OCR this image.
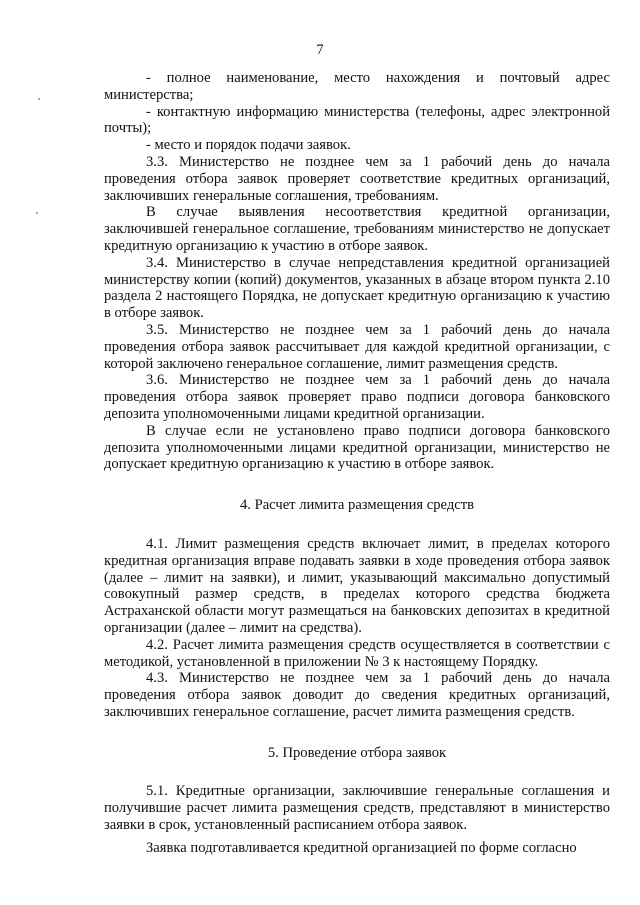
7

- полное наименование, место нахождения и почтовый адрес министерства;

- контактную информацию министерства (телефоны, адрес электронной почты);

- место и порядок подачи заявок.

3.3. Министерство не позднее чем за 1 рабочий день до начала проведения отбора заявок проверяет соответствие кредитных организаций, заключивших генеральные соглашения, требованиям.

В случае выявления несоответствия кредитной организации, заключившей генеральное соглашение, требованиям министерство не допускает кредитную организацию к участию в отборе заявок.

3.4. Министерство в случае непредставления кредитной организацией министерству копии (копий) документов, указанных в абзаце втором пункта 2.10 раздела 2 настоящего Порядка, не допускает кредитную организацию к участию в отборе заявок.

3.5. Министерство не позднее чем за 1 рабочий день до начала проведения отбора заявок рассчитывает для каждой кредитной организации, с которой заключено генеральное соглашение, лимит размещения средств.

3.6. Министерство не позднее чем за 1 рабочий день до начала проведения отбора заявок проверяет право подписи договора банковского депозита уполномоченными лицами кредитной организации.

В случае если не установлено право подписи договора банковского депозита уполномоченными лицами кредитной организации, министерство не допускает кредитную организацию к участию в отборе заявок.

4. Расчет лимита размещения средств

4.1. Лимит размещения средств включает лимит, в пределах которого кредитная организация вправе подавать заявки в ходе проведения отбора заявок (далее – лимит на заявки), и лимит, указывающий максимально допустимый совокупный размер средств, в пределах которого средства бюджета Астраханской области могут размещаться на банковских депозитах в кредитной организации (далее – лимит на средства).

4.2. Расчет лимита размещения средств осуществляется в соответствии с методикой, установленной в приложении № 3 к настоящему Порядку.

4.3. Министерство не позднее чем за 1 рабочий день до начала проведения отбора заявок доводит до сведения кредитных организаций, заключивших генеральное соглашение, расчет лимита размещения средств.

5. Проведение отбора заявок

5.1. Кредитные организации, заключившие генеральные соглашения и получившие расчет лимита размещения средств, представляют в министерство заявки в срок, установленный расписанием отбора заявок.

Заявка подготавливается кредитной организацией по форме согласно
